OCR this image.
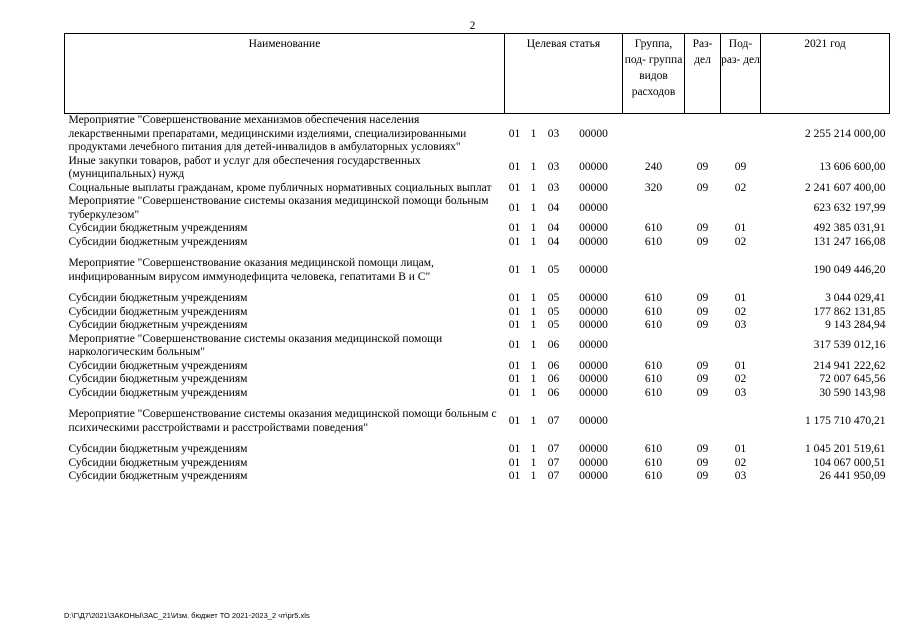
2
Наименование	Целевая статья				Группа, под- группа видов расходов	Раз- дел	Под- раз- дел	2021 год
Мероприятие "Совершенствование механизмов обеспечения населения лекарственными препаратами, медицинскими изделиями, специализированными продуктами лечебного питания для детей-инвалидов в амбулаторных условиях"	01	1	03	00000				2 255 214 000,00
Иные закупки товаров, работ и услуг для обеспечения государственных (муниципальных) нужд	01	1	03	00000	240	09	09	13 606 600,00
Социальные выплаты гражданам, кроме публичных нормативных социальных выплат	01	1	03	00000	320	09	02	2 241 607 400,00
Мероприятие "Совершенствование системы оказания медицинской помощи больным туберкулезом"	01	1	04	00000				623 632 197,99
Субсидии бюджетным учреждениям	01	1	04	00000	610	09	01	492 385 031,91
Субсидии бюджетным учреждениям	01	1	04	00000	610	09	02	131 247 166,08

Мероприятие "Совершенствование оказания медицинской помощи лицам, инфицированным вирусом иммунодефицита человека, гепатитами В и С"	01	1	05	00000				190 049 446,20

Субсидии бюджетным учреждениям	01	1	05	00000	610	09	01	3 044 029,41
Субсидии бюджетным учреждениям	01	1	05	00000	610	09	02	177 862 131,85
Субсидии бюджетным учреждениям	01	1	05	00000	610	09	03	9 143 284,94
Мероприятие "Совершенствование системы оказания медицинской помощи наркологическим больным"	01	1	06	00000				317 539 012,16
Субсидии бюджетным учреждениям	01	1	06	00000	610	09	01	214 941 222,62
Субсидии бюджетным учреждениям	01	1	06	00000	610	09	02	72 007 645,56
Субсидии бюджетным учреждениям	01	1	06	00000	610	09	03	30 590 143,98

Мероприятие "Совершенствование системы оказания медицинской помощи больным с психическими расстройствами и расстройствами поведения"	01	1	07	00000				1 175 710 470,21

Субсидии бюджетным учреждениям	01	1	07	00000	610	09	01	1 045 201 519,61
Субсидии бюджетным учреждениям	01	1	07	00000	610	09	02	104 067 000,51
Субсидии бюджетным учреждениям	01	1	07	00000	610	09	03	26 441 950,09
D:\Г\Д7\2021\ЗАКОНЫ\ЗАС_21\Изм. бюджет ТО 2021-2023_2 чт\pr5.xls
